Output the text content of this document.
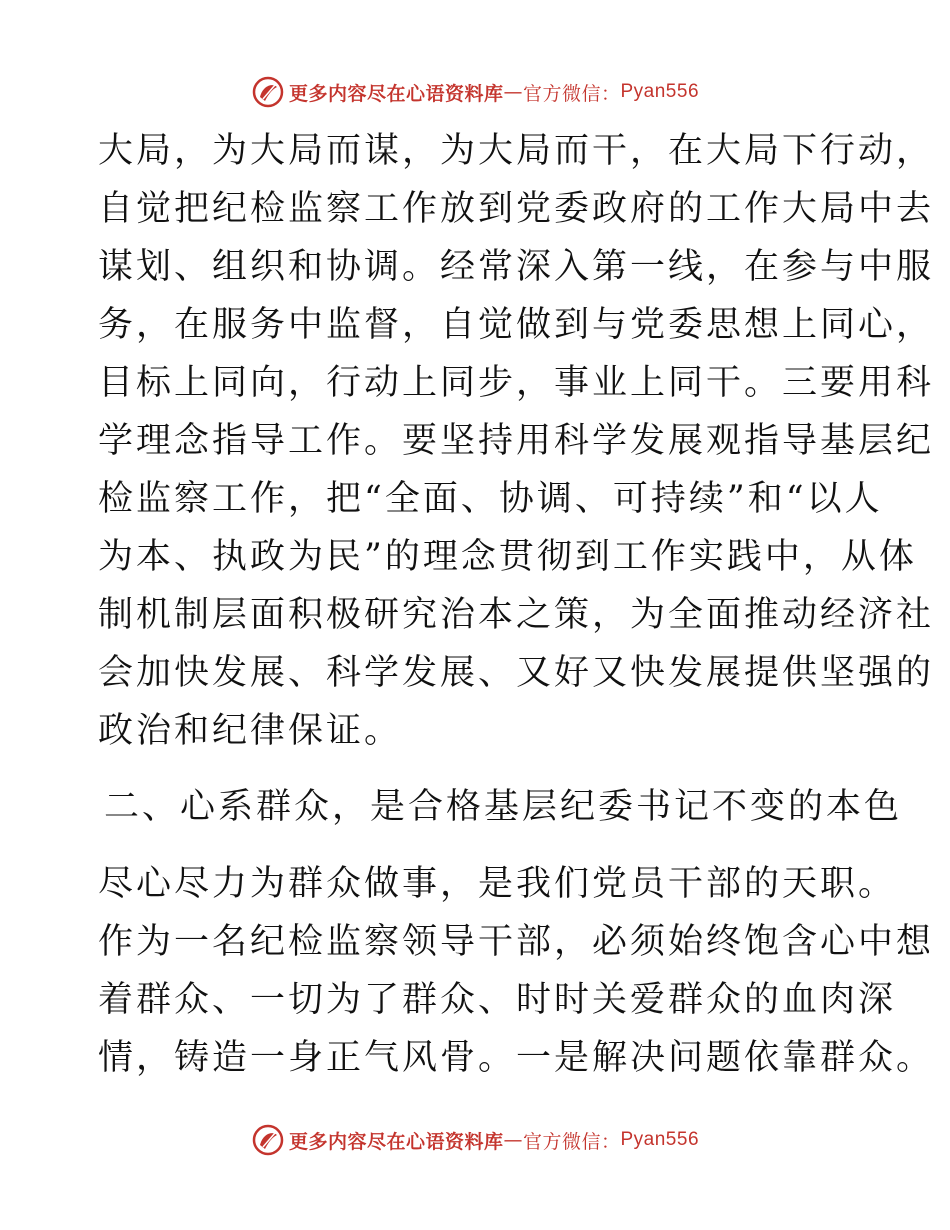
更多内容尽在心语资料库 — 官方微信： Pyan556
大局，为大局而谋，为大局而干，在大局下行动，
自觉把纪检监察工作放到党委政府的工作大局中去
谋划、组织和协调。经常深入第一线，在参与中服
务，在服务中监督，自觉做到与党委思想上同心，
目标上同向，行动上同步，事业上同干。三要用科
学理念指导工作。要坚持用科学发展观指导基层纪
检监察工作，把“全面、协调、可持续”和“以人
为本、执政为民”的理念贯彻到工作实践中，从体
制机制层面积极研究治本之策，为全面推动经济社
会加快发展、科学发展、又好又快发展提供坚强的
政治和纪律保证。
二、心系群众，是合格基层纪委书记不变的本色
尽心尽力为群众做事，是我们党员干部的天职。
作为一名纪检监察领导干部，必须始终饱含心中想
着群众、一切为了群众、时时关爱群众的血肉深
情，铸造一身正气风骨。一是解决问题依靠群众。
更多内容尽在心语资料库 — 官方微信： Pyan556
